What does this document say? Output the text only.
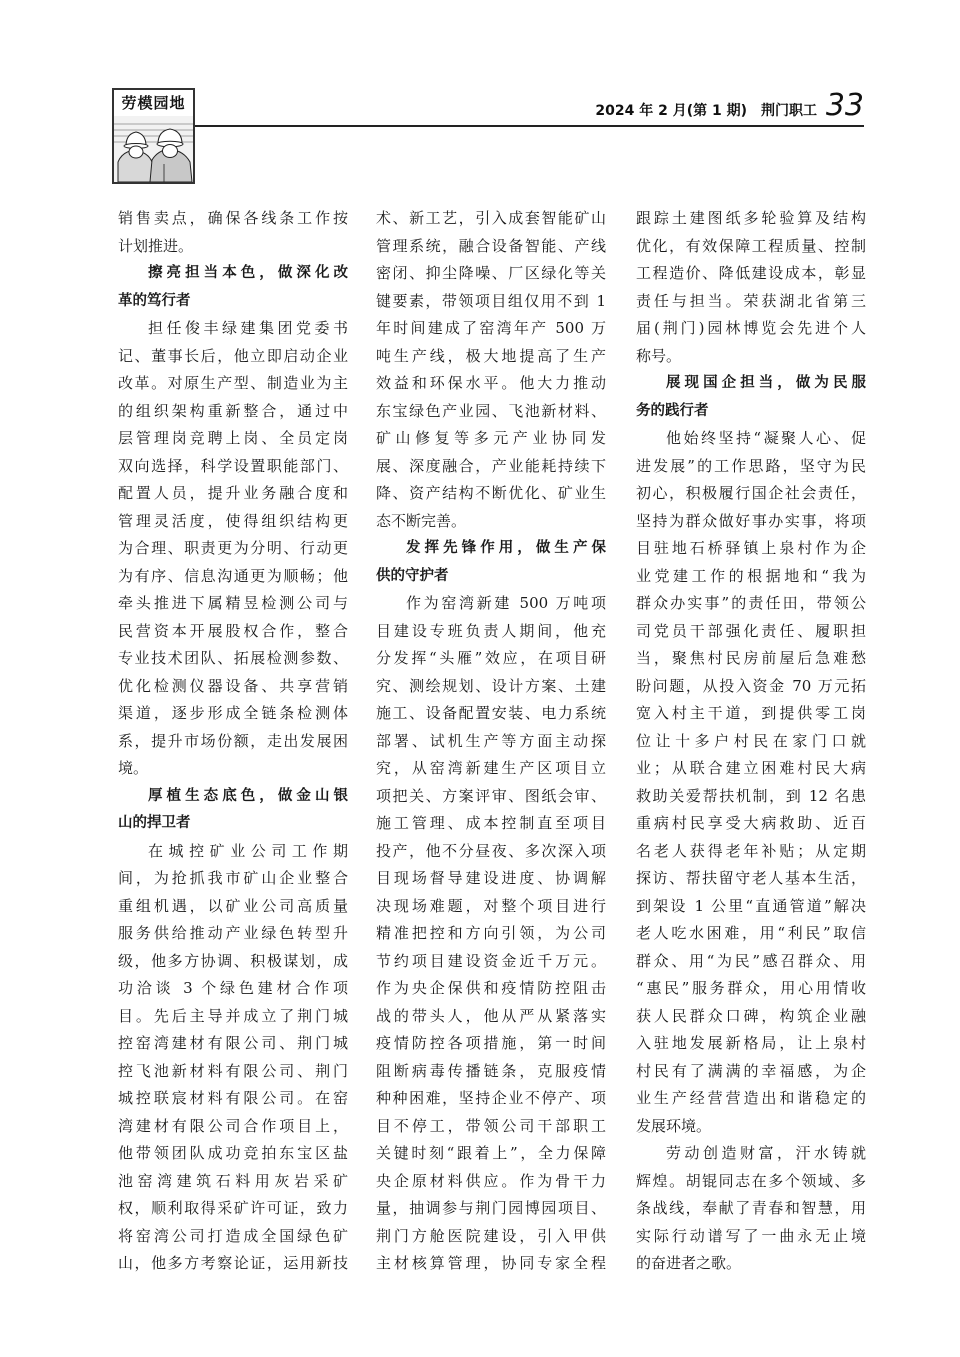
劳模园地	2024 年 2 月(第 1 期) 荆门职工 33
销售卖点，确保各线条工作按
计划推进。
擦亮担当本色，做深化改
革的笃行者
担任俊丰绿建集团党委书
记、董事长后，他立即启动企业
改革。对原生产型、制造业为主
的组织架构重新整合，通过中
层管理岗竞聘上岗、全员定岗
双向选择，科学设置职能部门、
配置人员，提升业务融合度和
管理灵活度，使得组织结构更
为合理、职责更为分明、行动更
为有序、信息沟通更为顺畅；他
牵头推进下属精昱检测公司与
民营资本开展股权合作，整合
专业技术团队、拓展检测参数、
优化检测仪器设备、共享营销
渠道，逐步形成全链条检测体
系，提升市场份额，走出发展困
境。
厚植生态底色，做金山银
山的捍卫者
在城控矿业公司工作期
间，为抢抓我市矿山企业整合
重组机遇，以矿业公司高质量
服务供给推动产业绿色转型升
级，他多方协调、积极谋划，成
功洽谈 3 个绿色建材合作项
目。先后主导并成立了荆门城
控窑湾建材有限公司、荆门城
控飞池新材料有限公司、荆门
城控联宸材料有限公司。在窑
湾建材有限公司合作项目上，
他带领团队成功竞拍东宝区盐
池窑湾建筑石料用灰岩采矿
权，顺利取得采矿许可证，致力
将窑湾公司打造成全国绿色矿
山，他多方考察论证，运用新技
术、新工艺，引入成套智能矿山
管理系统，融合设备智能、产线
密闭、抑尘降噪、厂区绿化等关
键要素，带领项目组仅用不到 1
年时间建成了窑湾年产 500 万
吨生产线，极大地提高了生产
效益和环保水平。他大力推动
东宝绿色产业园、飞池新材料、
矿山修复等多元产业协同发
展、深度融合，产业能耗持续下
降、资产结构不断优化、矿业生
态不断完善。
发挥先锋作用，做生产保
供的守护者
作为窑湾新建 500 万吨项
目建设专班负责人期间，他充
分发挥“头雁”效应，在项目研
究、测绘规划、设计方案、土建
施工、设备配置安装、电力系统
部署、试机生产等方面主动探
究，从窑湾新建生产区项目立
项把关、方案评审、图纸会审、
施工管理、成本控制直至项目
投产，他不分昼夜、多次深入项
目现场督导建设进度、协调解
决现场难题，对整个项目进行
精准把控和方向引领，为公司
节约项目建设资金近千万元。
作为央企保供和疫情防控阻击
战的带头人，他从严从紧落实
疫情防控各项措施，第一时间
阻断病毒传播链条，克服疫情
种种困难，坚持企业不停产、项
目不停工，带领公司干部职工
关键时刻“跟着上”，全力保障
央企原材料供应。作为骨干力
量，抽调参与荆门园博园项目、
荆门方舱医院建设，引入甲供
主材核算管理，协同专家全程
跟踪土建图纸多轮验算及结构
优化，有效保障工程质量、控制
工程造价、降低建设成本，彰显
责任与担当。荣获湖北省第三
届(荆门)园林博览会先进个人
称号。
展现国企担当，做为民服
务的践行者
他始终坚持“凝聚人心、促
进发展”的工作思路，坚守为民
初心，积极履行国企社会责任，
坚持为群众做好事办实事，将项
目驻地石桥驿镇上泉村作为企
业党建工作的根据地和“我为
群众办实事”的责任田，带领公
司党员干部强化责任、履职担
当，聚焦村民房前屋后急难愁
盼问题，从投入资金 70 万元拓
宽入村主干道，到提供零工岗
位让十多户村民在家门口就
业；从联合建立困难村民大病
救助关爱帮扶机制，到 12 名患
重病村民享受大病救助、近百
名老人获得老年补贴；从定期
探访、帮扶留守老人基本生活，
到架设 1 公里“直通管道”解决
老人吃水困难，用“利民”取信
群众、用“为民”感召群众、用
“惠民”服务群众，用心用情收
获人民群众口碑，构筑企业融
入驻地发展新格局，让上泉村
村民有了满满的幸福感，为企
业生产经营营造出和谐稳定的
发展环境。
劳动创造财富，汗水铸就
辉煌。胡锟同志在多个领域、多
条战线，奉献了青春和智慧，用
实际行动谱写了一曲永无止境
的奋进者之歌。
